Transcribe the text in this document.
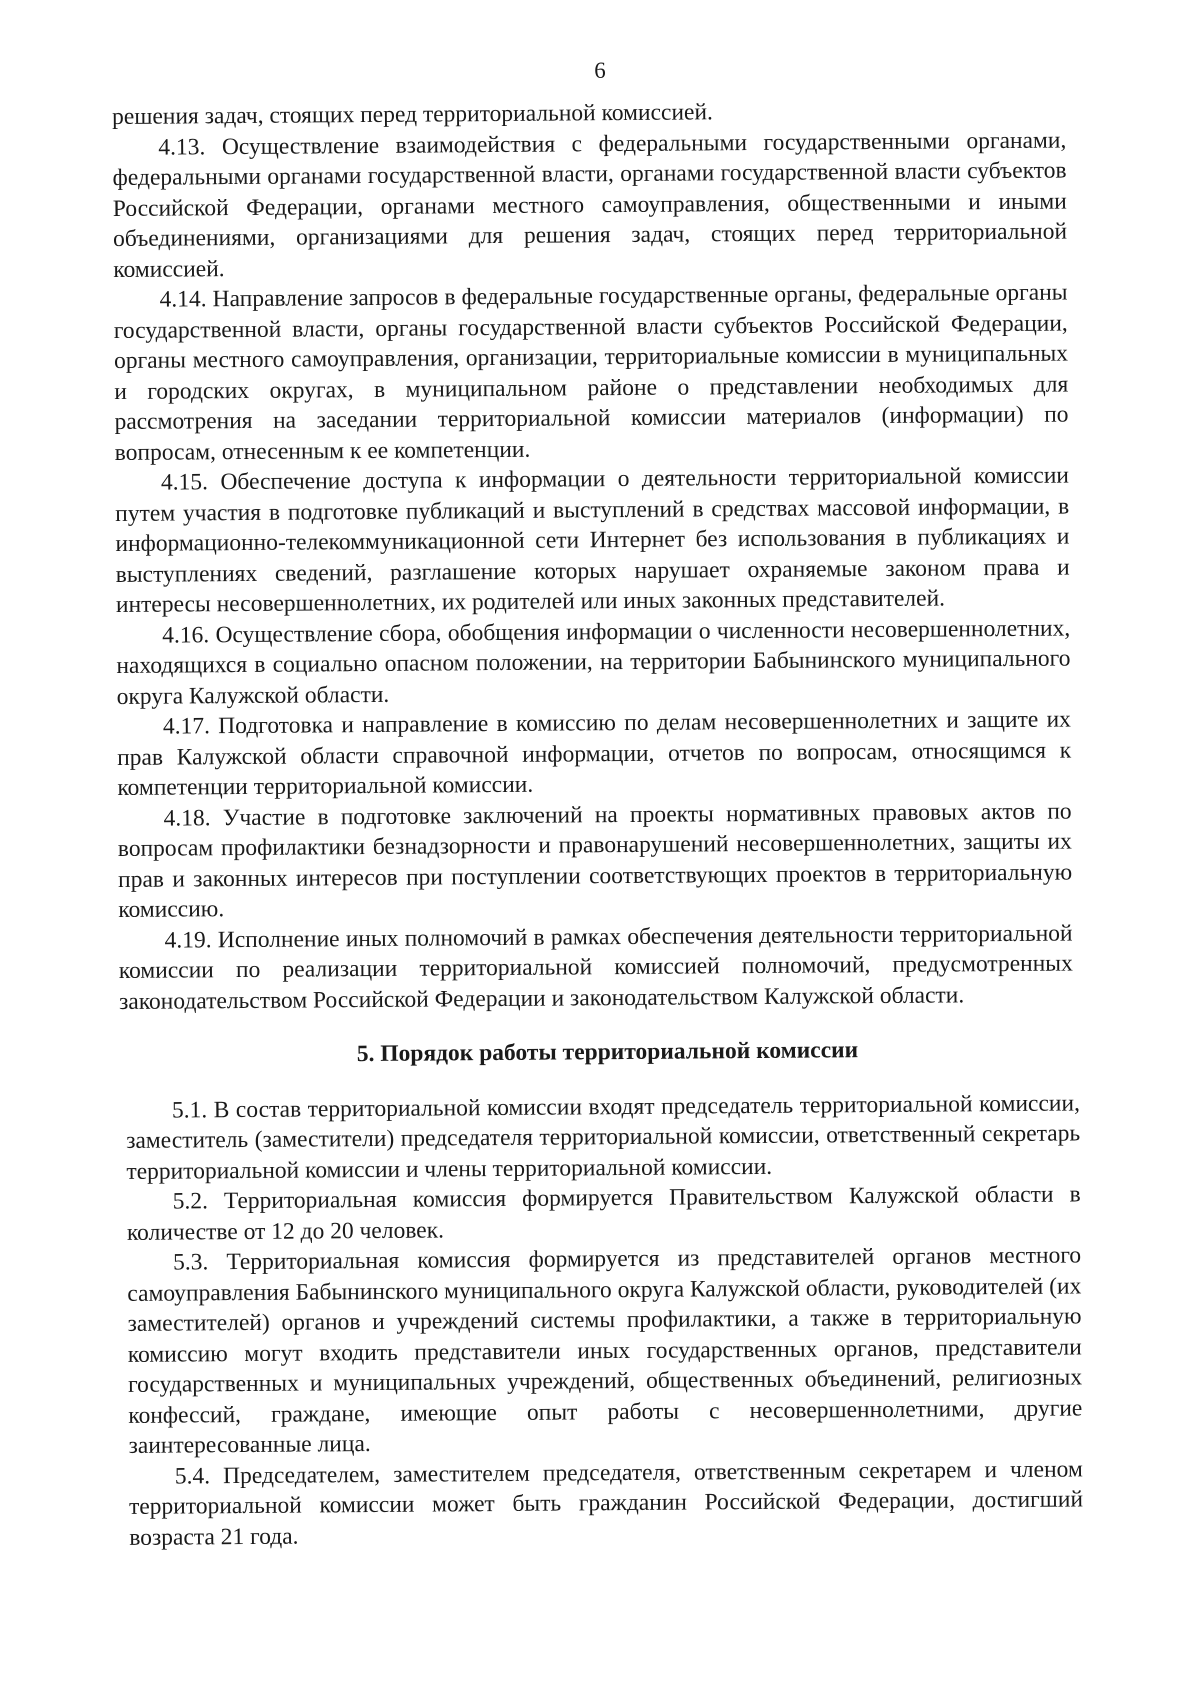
6

решения задач, стоящих перед территориальной комиссией.

4.13. Осуществление взаимодействия с федеральными государственными органами, федеральными органами государственной власти, органами государственной власти субъектов Российской Федерации, органами местного самоуправления, общественными и иными объединениями, организациями для решения задач, стоящих перед территориальной комиссией.

4.14. Направление запросов в федеральные государственные органы, федеральные органы государственной власти, органы государственной власти субъектов Российской Федерации, органы местного самоуправления, организации, территориальные комиссии в муниципальных и городских округах, в муниципальном районе о представлении необходимых для рассмотрения на заседании территориальной комиссии материалов (информации) по вопросам, отнесенным к ее компетенции.

4.15. Обеспечение доступа к информации о деятельности территориальной комиссии путем участия в подготовке публикаций и выступлений в средствах массовой информации, в информационно-телекоммуникационной сети Интернет без использования в публикациях и выступлениях сведений, разглашение которых нарушает охраняемые законом права и интересы несовершеннолетних, их родителей или иных законных представителей.

4.16. Осуществление сбора, обобщения информации о численности несовершеннолетних, находящихся в социально опасном положении, на территории Бабынинского муниципального округа Калужской области.

4.17. Подготовка и направление в комиссию по делам несовершеннолетних и защите их прав Калужской области справочной информации, отчетов по вопросам, относящимся к компетенции территориальной комиссии.

4.18. Участие в подготовке заключений на проекты нормативных правовых актов по вопросам профилактики безнадзорности и правонарушений несовершеннолетних, защиты их прав и законных интересов при поступлении соответствующих проектов в территориальную комиссию.

4.19. Исполнение иных полномочий в рамках обеспечения деятельности территориальной комиссии по реализации территориальной комиссией полномочий, предусмотренных законодательством Российской Федерации и законодательством Калужской области.

5. Порядок работы территориальной комиссии

5.1. В состав территориальной комиссии входят председатель территориальной комиссии, заместитель (заместители) председателя территориальной комиссии, ответственный секретарь территориальной комиссии и члены территориальной комиссии.

5.2. Территориальная комиссия формируется Правительством Калужской области в количестве от 12 до 20 человек.

5.3. Территориальная комиссия формируется из представителей органов местного самоуправления Бабынинского муниципального округа Калужской области, руководителей (их заместителей) органов и учреждений системы профилактики, а также в территориальную комиссию могут входить представители иных государственных органов, представители государственных и муниципальных учреждений, общественных объединений, религиозных конфессий, граждане, имеющие опыт работы с несовершеннолетними, другие заинтересованные лица.

5.4. Председателем, заместителем председателя, ответственным секретарем и членом территориальной комиссии может быть гражданин Российской Федерации, достигший возраста 21 года.
